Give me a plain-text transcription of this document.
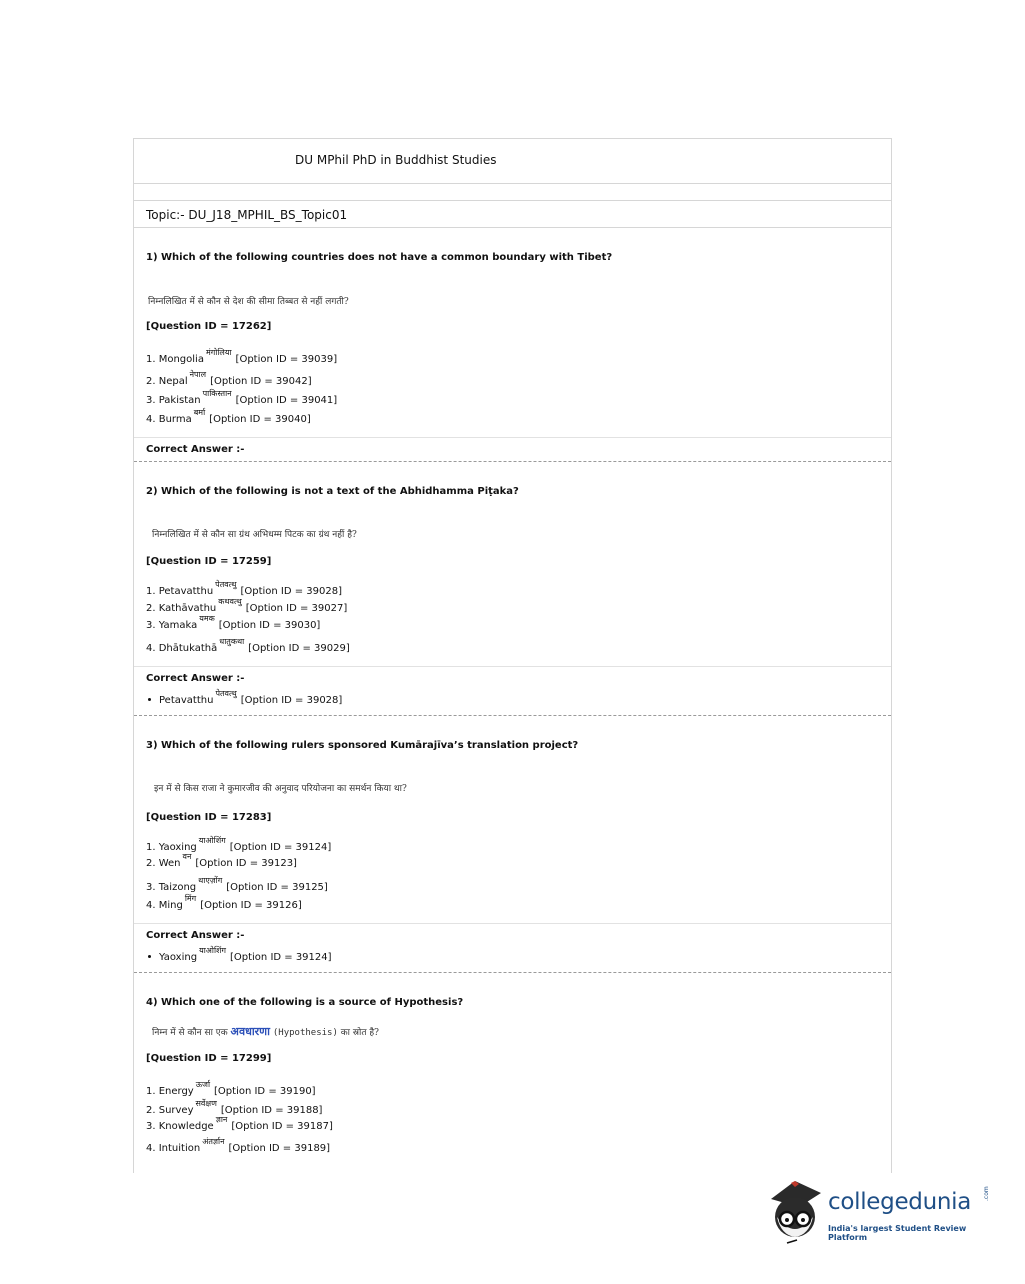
DU MPhil PhD in Buddhist Studies
Topic:- DU_J18_MPHIL_BS_Topic01
1) Which of the following countries does not have a common boundary with Tibet?
निम्नलिखित में से कौन से देश की सीमा तिब्बत से नहीं लगती?
[Question ID = 17262]
1. Mongolia$^{मंगोलिया}$[Option ID = 39039]
2. Nepal$^{नेपाल}$[Option ID = 39042]
3. Pakistan$^{पाकिस्तान}$[Option ID = 39041]
4. Burma$^{बर्मा}$[Option ID = 39040]
Correct Answer :-
2) Which of the following is not a text of the Abhidhamma Piṭaka?
निम्नलिखित में से कौन सा ग्रंथ अभिधम्म पिटक का ग्रंथ नहीं है?
[Question ID = 17259]
1. Petavatthu$^{पेतवत्थु}$[Option ID = 39028]
2. Kathāvathu$^{कथवत्थु}$[Option ID = 39027]
3. Yamaka$^{यमक}$[Option ID = 39030]
4. Dhātukathā$^{धातुकथा}$[Option ID = 39029]
Correct Answer :-
Petavatthu$^{पेतवत्थु}$[Option ID = 39028]
3) Which of the following rulers sponsored Kumārajīva’s translation project?
इन में से किस राजा ने कुमारजीव की अनुवाद परियोजना का समर्थन किया था?
[Question ID = 17283]
1. Yaoxing$^{याओशिंग}$[Option ID = 39124]
2. Wen$^{वन}$[Option ID = 39123]
3. Taizong$^{थाएज़ोंग}$[Option ID = 39125]
4. Ming$^{मिंग}$[Option ID = 39126]
Correct Answer :-
Yaoxing$^{याओशिंग}$[Option ID = 39124]
4) Which one of the following is a source of Hypothesis?
निम्न में से कौन सा एक अवधारणा (Hypothesis) का स्रोत है?
[Question ID = 17299]
1. Energy$^{ऊर्जा}$[Option ID = 39190]
2. Survey$^{सर्वेक्षण}$[Option ID = 39188]
3. Knowledge$^{ज्ञान}$[Option ID = 39187]
4. Intuition$^{अंतर्ज्ञान}$[Option ID = 39189]
collegedunia .com
India's largest Student Review Platform
